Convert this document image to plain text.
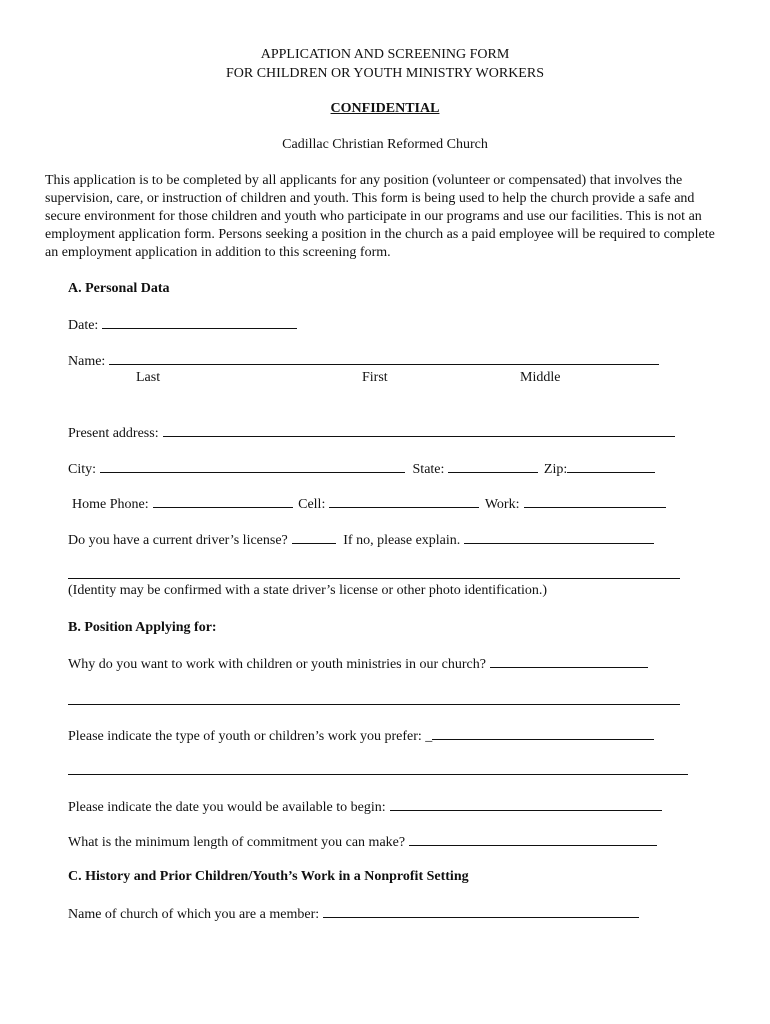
APPLICATION AND SCREENING FORM
FOR CHILDREN OR YOUTH MINISTRY WORKERS
CONFIDENTIAL
Cadillac Christian Reformed Church
This application is to be completed by all applicants for any position (volunteer or compensated) that involves the supervision, care, or instruction of children and youth. This form is being used to help the church provide a safe and secure environment for those children and youth who participate in our programs and use our facilities. This is not an employment application form. Persons seeking a position in the church as a paid employee will be required to complete an employment application in addition to this screening form.
A. Personal Data
Date:
Name:
Last	First	Middle
Present address:
City:	State:	Zip:
Home Phone:	Cell:	Work:
Do you have a current driver’s license?	If no, please explain.
(Identity may be confirmed with a state driver’s license or other photo identification.)
B. Position Applying for:
Why do you want to work with children or youth ministries in our church?
Please indicate the type of youth or children’s work you prefer: _
Please indicate the date you would be available to begin:
What is the minimum length of commitment you can make?
C. History and Prior Children/Youth’s Work in a Nonprofit Setting
Name of church of which you are a member:
